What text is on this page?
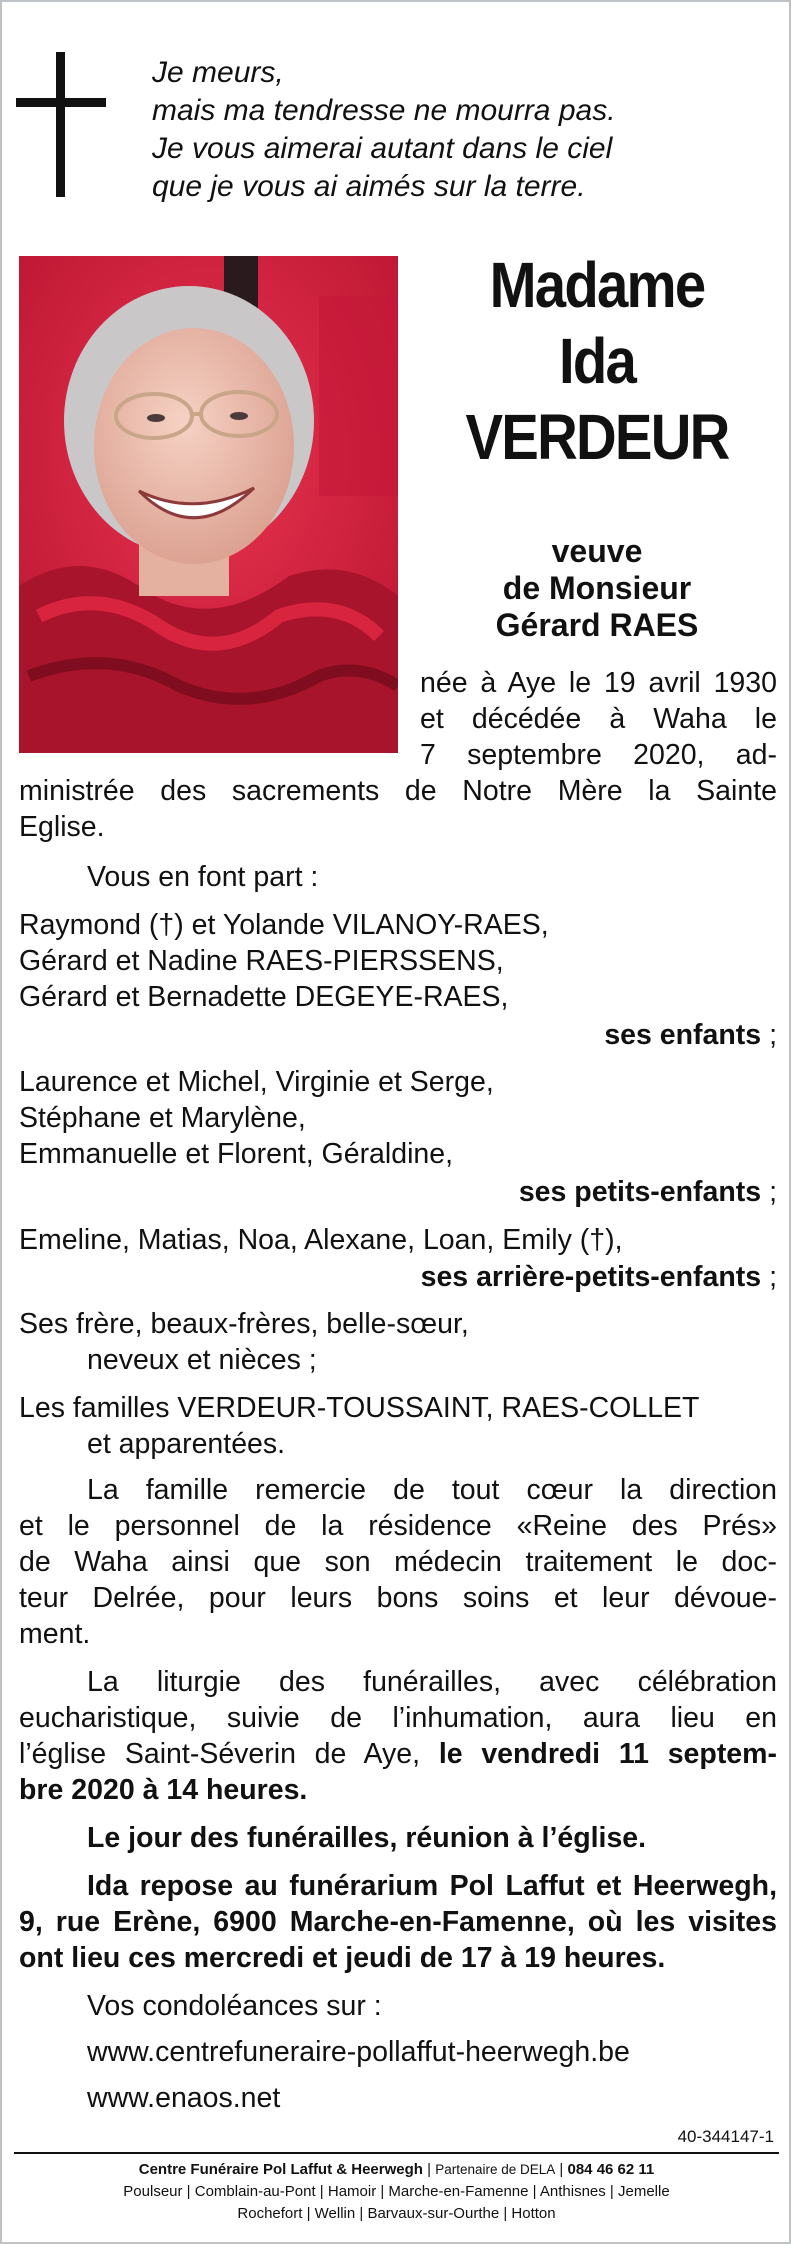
Je meurs,
mais ma tendresse ne mourra pas.
Je vous aimerai autant dans le ciel
que je vous ai aimés sur la terre.
Madame
Ida
VERDEUR
veuve
de Monsieur
Gérard RAES
née à Aye le 19 avril 1930
et décédée à Waha le
7 septembre 2020, ad-
ministrée des sacrements de Notre Mère la Sainte
Eglise.
Vous en font part :
Raymond (†) et Yolande VILANOY-RAES,
Gérard et Nadine RAES-PIERSSENS,
Gérard et Bernadette DEGEYE-RAES,
ses enfants ;
Laurence et Michel, Virginie et Serge,
Stéphane et Marylène,
Emmanuelle et Florent, Géraldine,
ses petits-enfants ;
Emeline, Matias, Noa, Alexane, Loan, Emily (†),
ses arrière-petits-enfants ;
Ses frère, beaux-frères, belle-sœur,
neveux et nièces ;
Les familles VERDEUR-TOUSSAINT, RAES-COLLET
et apparentées.
La famille remercie de tout cœur la direction
et le personnel de la résidence «Reine des Prés»
de Waha ainsi que son médecin traitement le doc-
teur Delrée, pour leurs bons soins et leur dévoue-
ment.
La liturgie des funérailles, avec célébration
eucharistique, suivie de l’inhumation, aura lieu en
l’église Saint-Séverin de Aye, le vendredi 11 septem-
bre 2020 à 14 heures.
Le jour des funérailles, réunion à l’église.
Ida repose au funérarium Pol Laffut et Heerwegh,
9, rue Erène, 6900 Marche-en-Famenne, où les visites
ont lieu ces mercredi et jeudi de 17 à 19 heures.
Vos condoléances sur :
www.centrefuneraire-pollaffut-heerwegh.be
www.enaos.net
40-344147-1
Centre Funéraire Pol Laffut & Heerwegh | Partenaire de DELA | 084 46 62 11
Poulseur | Comblain-au-Pont | Hamoir | Marche-en-Famenne | Anthisnes | Jemelle
Rochefort | Wellin | Barvaux-sur-Ourthe | Hotton
